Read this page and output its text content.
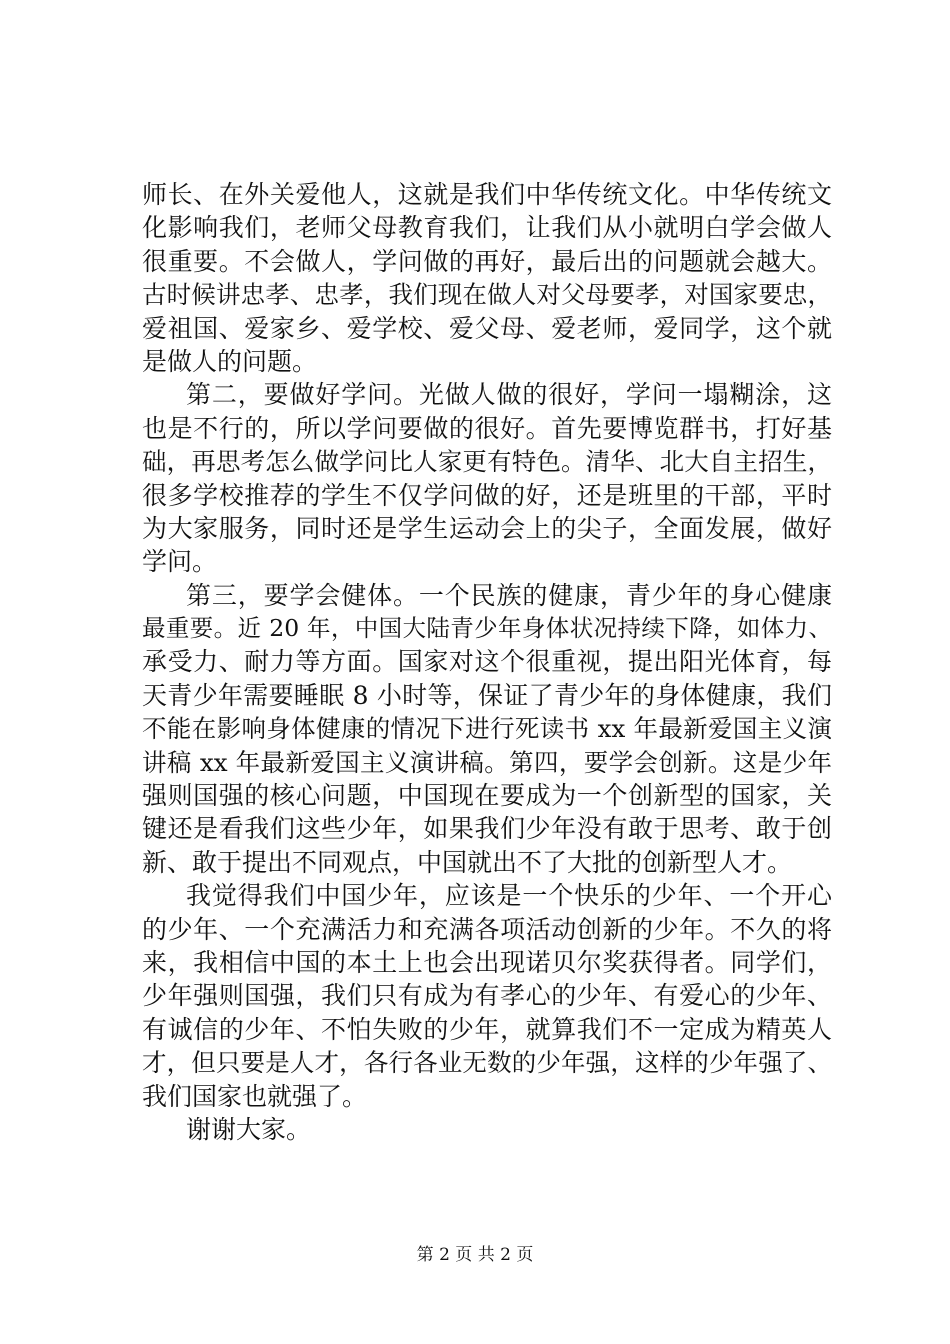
师长、在外关爱他人，这就是我们中华传统文化。中华传统文
化影响我们，老师父母教育我们，让我们从小就明白学会做人
很重要。不会做人，学问做的再好，最后出的问题就会越大。
古时候讲忠孝、忠孝，我们现在做人对父母要孝，对国家要忠，
爱祖国、爱家乡、爱学校、爱父母、爱老师，爱同学，这个就
是做人的问题。
第二，要做好学问。光做人做的很好，学问一塌糊涂，这
也是不行的，所以学问要做的很好。首先要博览群书，打好基
础，再思考怎么做学问比人家更有特色。清华、北大自主招生，
很多学校推荐的学生不仅学问做的好，还是班里的干部，平时
为大家服务，同时还是学生运动会上的尖子，全面发展，做好
学问。
第三，要学会健体。一个民族的健康，青少年的身心健康
最重要。近 20 年，中国大陆青少年身体状况持续下降，如体力、
承受力、耐力等方面。国家对这个很重视，提出阳光体育，每
天青少年需要睡眠 8 小时等，保证了青少年的身体健康，我们
不能在影响身体健康的情况下进行死读书 xx 年最新爱国主义演
讲稿 xx 年最新爱国主义演讲稿。第四，要学会创新。这是少年
强则国强的核心问题，中国现在要成为一个创新型的国家，关
键还是看我们这些少年，如果我们少年没有敢于思考、敢于创
新、敢于提出不同观点，中国就出不了大批的创新型人才。
我觉得我们中国少年，应该是一个快乐的少年、一个开心
的少年、一个充满活力和充满各项活动创新的少年。不久的将
来，我相信中国的本土上也会出现诺贝尔奖获得者。同学们，
少年强则国强，我们只有成为有孝心的少年、有爱心的少年、
有诚信的少年、不怕失败的少年，就算我们不一定成为精英人
才，但只要是人才，各行各业无数的少年强，这样的少年强了、
我们国家也就强了。
谢谢大家。
第 2 页 共 2 页
